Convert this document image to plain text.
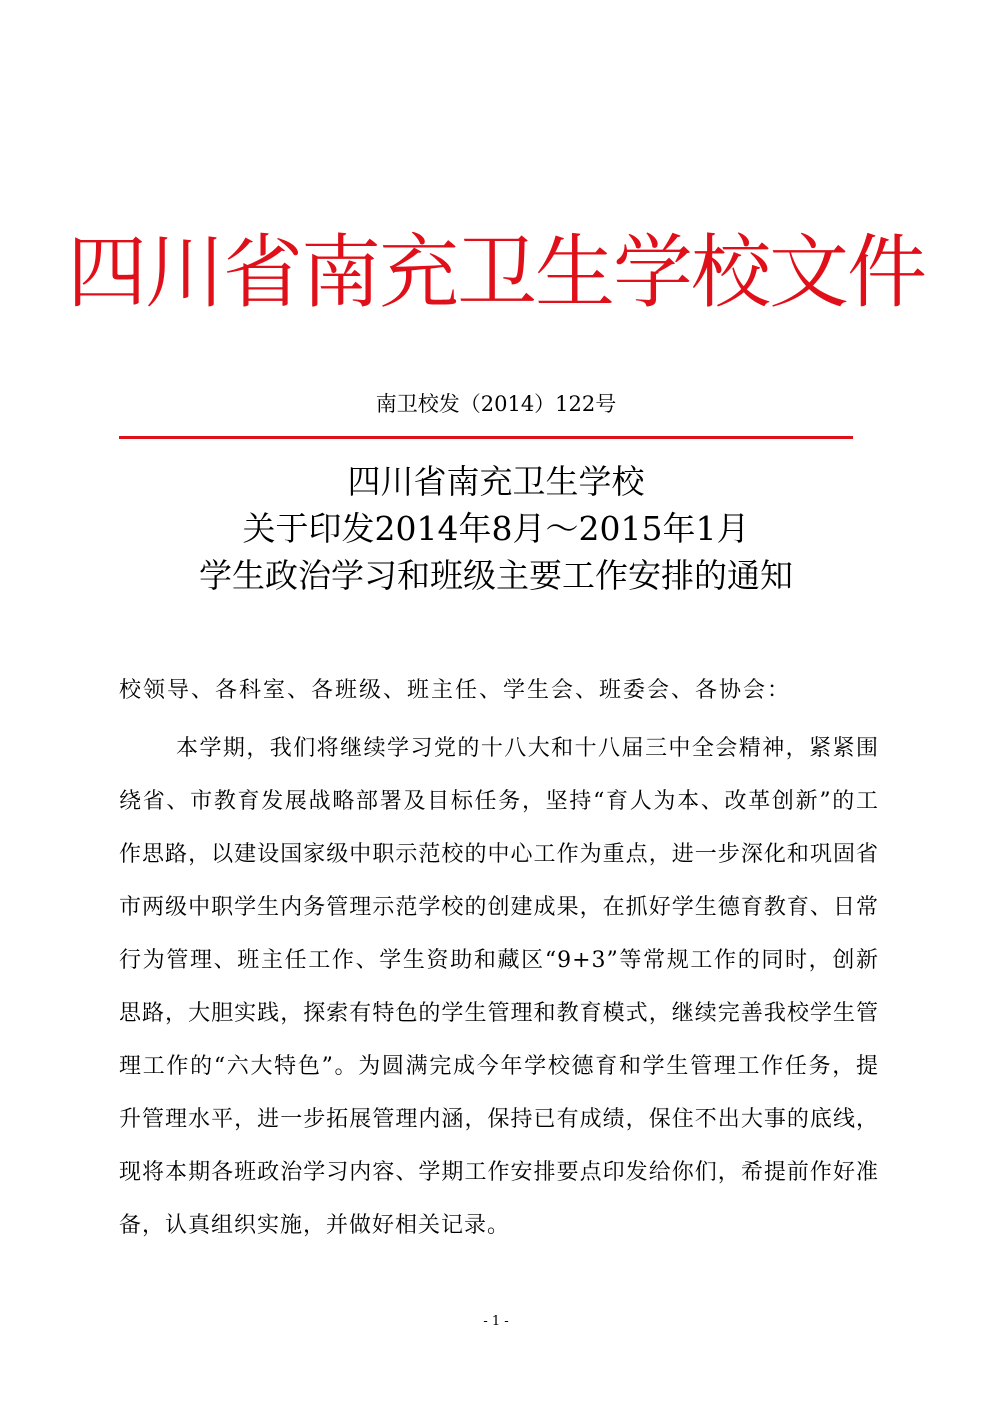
四川省南充卫生学校文件
南卫校发（2014）122号
四川省南充卫生学校
关于印发2014年8月～2015年1月
学生政治学习和班级主要工作安排的通知
校领导、各科室、各班级、班主任、学生会、班委会、各协会：
本学期，我们将继续学习党的十八大和十八届三中全会精神，紧紧围绕省、市教育发展战略部署及目标任务，坚持“育人为本、改革创新”的工作思路，以建设国家级中职示范校的中心工作为重点，进一步深化和巩固省市两级中职学生内务管理示范学校的创建成果，在抓好学生德育教育、日常行为管理、班主任工作、学生资助和藏区“9+3”等常规工作的同时，创新思路，大胆实践，探索有特色的学生管理和教育模式，继续完善我校学生管理工作的“六大特色”。为圆满完成今年学校德育和学生管理工作任务，提升管理水平，进一步拓展管理内涵，保持已有成绩，保住不出大事的底线，现将本期各班政治学习内容、学期工作安排要点印发给你们，希提前作好准备，认真组织实施，并做好相关记录。
- 1 -
